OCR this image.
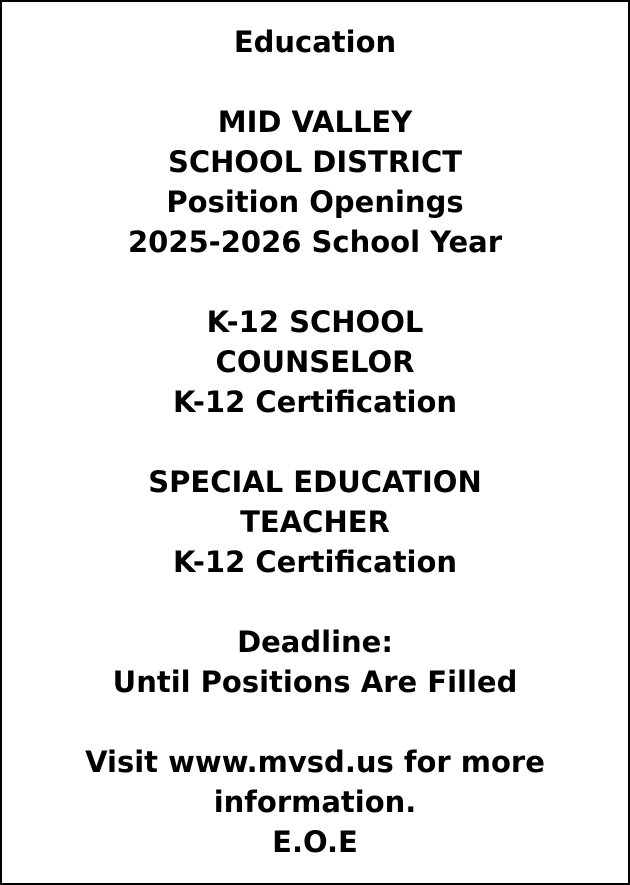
Education
MID VALLEY
SCHOOL DISTRICT
Position Openings
2025-2026 School Year
K-12 SCHOOL
COUNSELOR
K-12 Certification
SPECIAL EDUCATION
TEACHER
K-12 Certification
Deadline:
Until Positions Are Filled
Visit www.mvsd.us for more
information.
E.O.E
